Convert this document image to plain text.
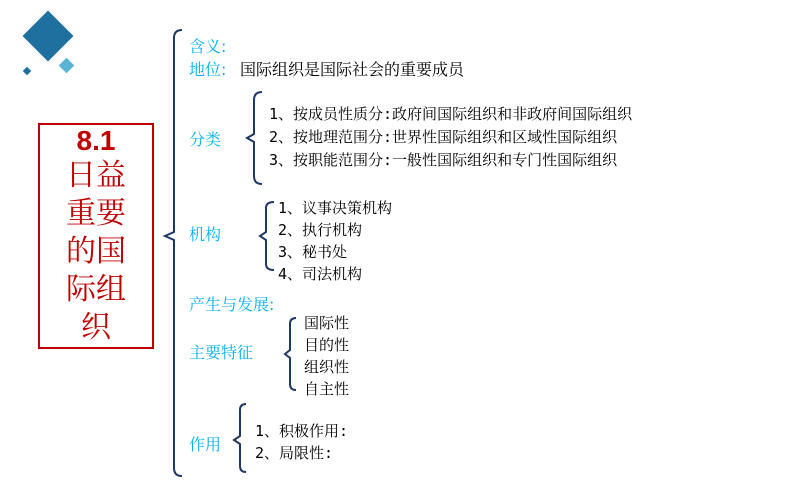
8.1
日益重要的国际组织
含义:
地位: 国际组织是国际社会的重要成员
分类
机构
产生与发展:
主要特征
作用
1、按成员性质分:政府间国际组织和非政府间国际组织
2、按地理范围分:世界性国际组织和区域性国际组织
3、按职能范围分:一般性国际组织和专门性国际组织
1、议事决策机构
2、执行机构
3、秘书处
4、司法机构
国际性
目的性
组织性
自主性
1、积极作用:
2、局限性:
